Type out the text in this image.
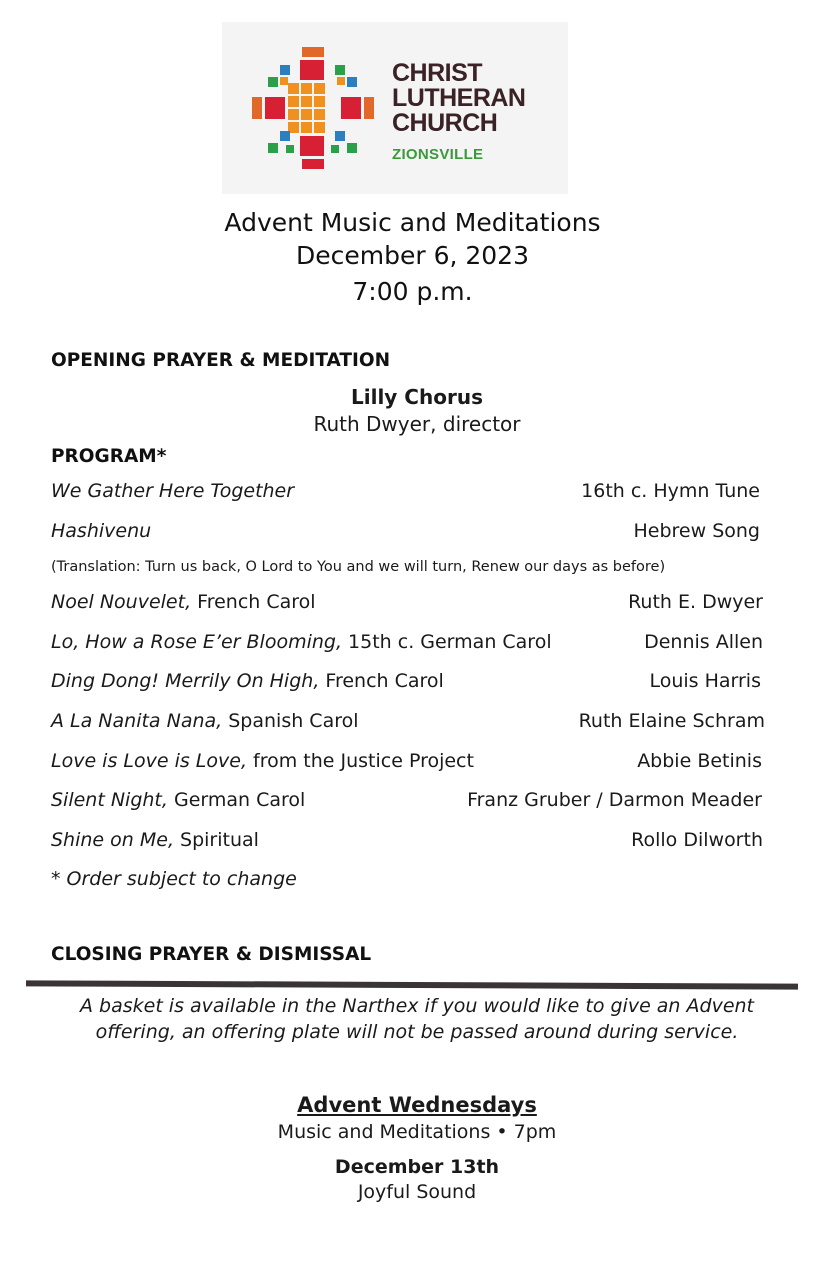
CHRIST
LUTHERAN
CHURCH
ZIONSVILLE
Advent Music and Meditations
December 6, 2023
7:00 p.m.
OPENING PRAYER & MEDITATION
Lilly Chorus
Ruth Dwyer, director
PROGRAM*
We Gather Here Together	16th c. Hymn Tune
Hashivenu	Hebrew Song
(Translation: Turn us back, O Lord to You and we will turn, Renew our days as before)
Noel Nouvelet, French Carol	Ruth E. Dwyer
Lo, How a Rose E’er Blooming, 15th c. German Carol	Dennis Allen
Ding Dong! Merrily On High, French Carol	Louis Harris
A La Nanita Nana, Spanish Carol	Ruth Elaine Schram
Love is Love is Love, from the Justice Project	Abbie Betinis
Silent Night, German Carol	Franz Gruber / Darmon Meader
Shine on Me, Spiritual	Rollo Dilworth
* Order subject to change
CLOSING PRAYER & DISMISSAL
A basket is available in the Narthex if you would like to give an Advent
offering, an offering plate will not be passed around during service.
Advent Wednesdays
Music and Meditations • 7pm
December 13th
Joyful Sound
